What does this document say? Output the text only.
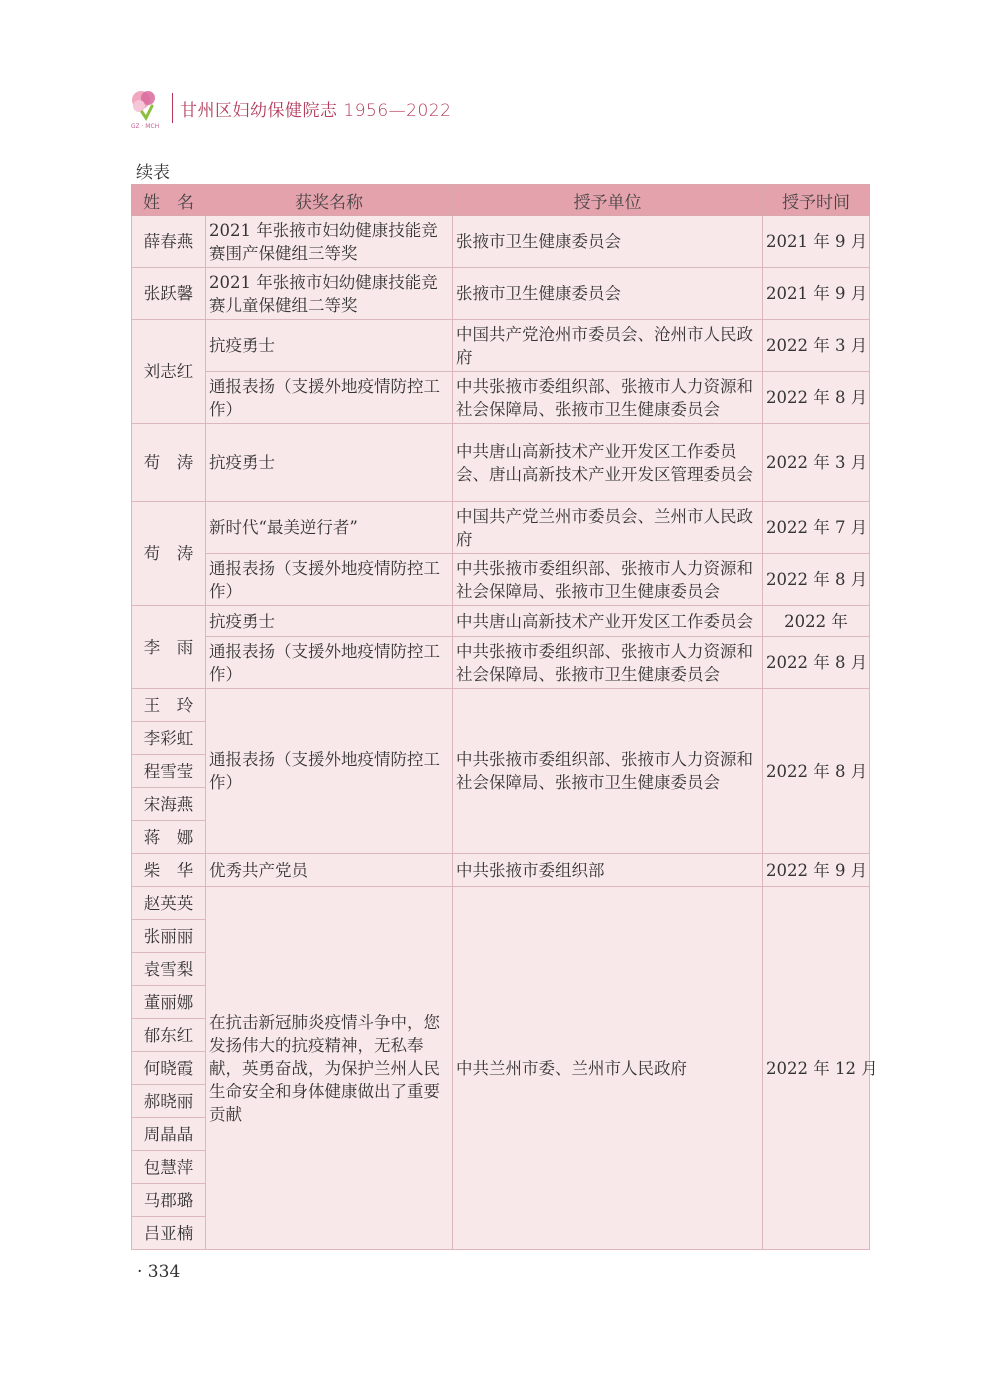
GZ · MCH
甘州区妇幼保健院志 1956—2022
续表
姓　名	获奖名称	授予单位	授予时间
薛春燕	2021 年张掖市妇幼健康技能竞赛围产保健组三等奖	张掖市卫生健康委员会	2021 年 9 月
张跃馨	2021 年张掖市妇幼健康技能竞赛儿童保健组二等奖	张掖市卫生健康委员会	2021 年 9 月
刘志红	抗疫勇士	中国共产党沧州市委员会、沧州市人民政府	2022 年 3 月
	通报表扬（支援外地疫情防控工作）	中共张掖市委组织部、张掖市人力资源和社会保障局、张掖市卫生健康委员会	2022 年 8 月
苟　涛	抗疫勇士	中共唐山高新技术产业开发区工作委员会、唐山高新技术产业开发区管理委员会	2022 年 3 月
苟　涛	新时代“最美逆行者”	中国共产党兰州市委员会、兰州市人民政府	2022 年 7 月
	通报表扬（支援外地疫情防控工作）	中共张掖市委组织部、张掖市人力资源和社会保障局、张掖市卫生健康委员会	2022 年 8 月
李　雨	抗疫勇士	中共唐山高新技术产业开发区工作委员会	2022 年
	通报表扬（支援外地疫情防控工作）	中共张掖市委组织部、张掖市人力资源和社会保障局、张掖市卫生健康委员会	2022 年 8 月
王　玲	通报表扬（支援外地疫情防控工作）	中共张掖市委组织部、张掖市人力资源和社会保障局、张掖市卫生健康委员会	2022 年 8 月
李彩虹			
程雪莹			
宋海燕			
蒋　娜			
柴　华	优秀共产党员	中共张掖市委组织部	2022 年 9 月
赵英英	在抗击新冠肺炎疫情斗争中，您发扬伟大的抗疫精神，无私奉献，英勇奋战，为保护兰州人民生命安全和身体健康做出了重要贡献	中共兰州市委、兰州市人民政府	2022 年 12 月
张丽丽			
袁雪梨			
董丽娜			
郁东红			
何晓霞			
郝晓丽			
周晶晶			
包慧萍			
马郡璐			
吕亚楠			
· 334
